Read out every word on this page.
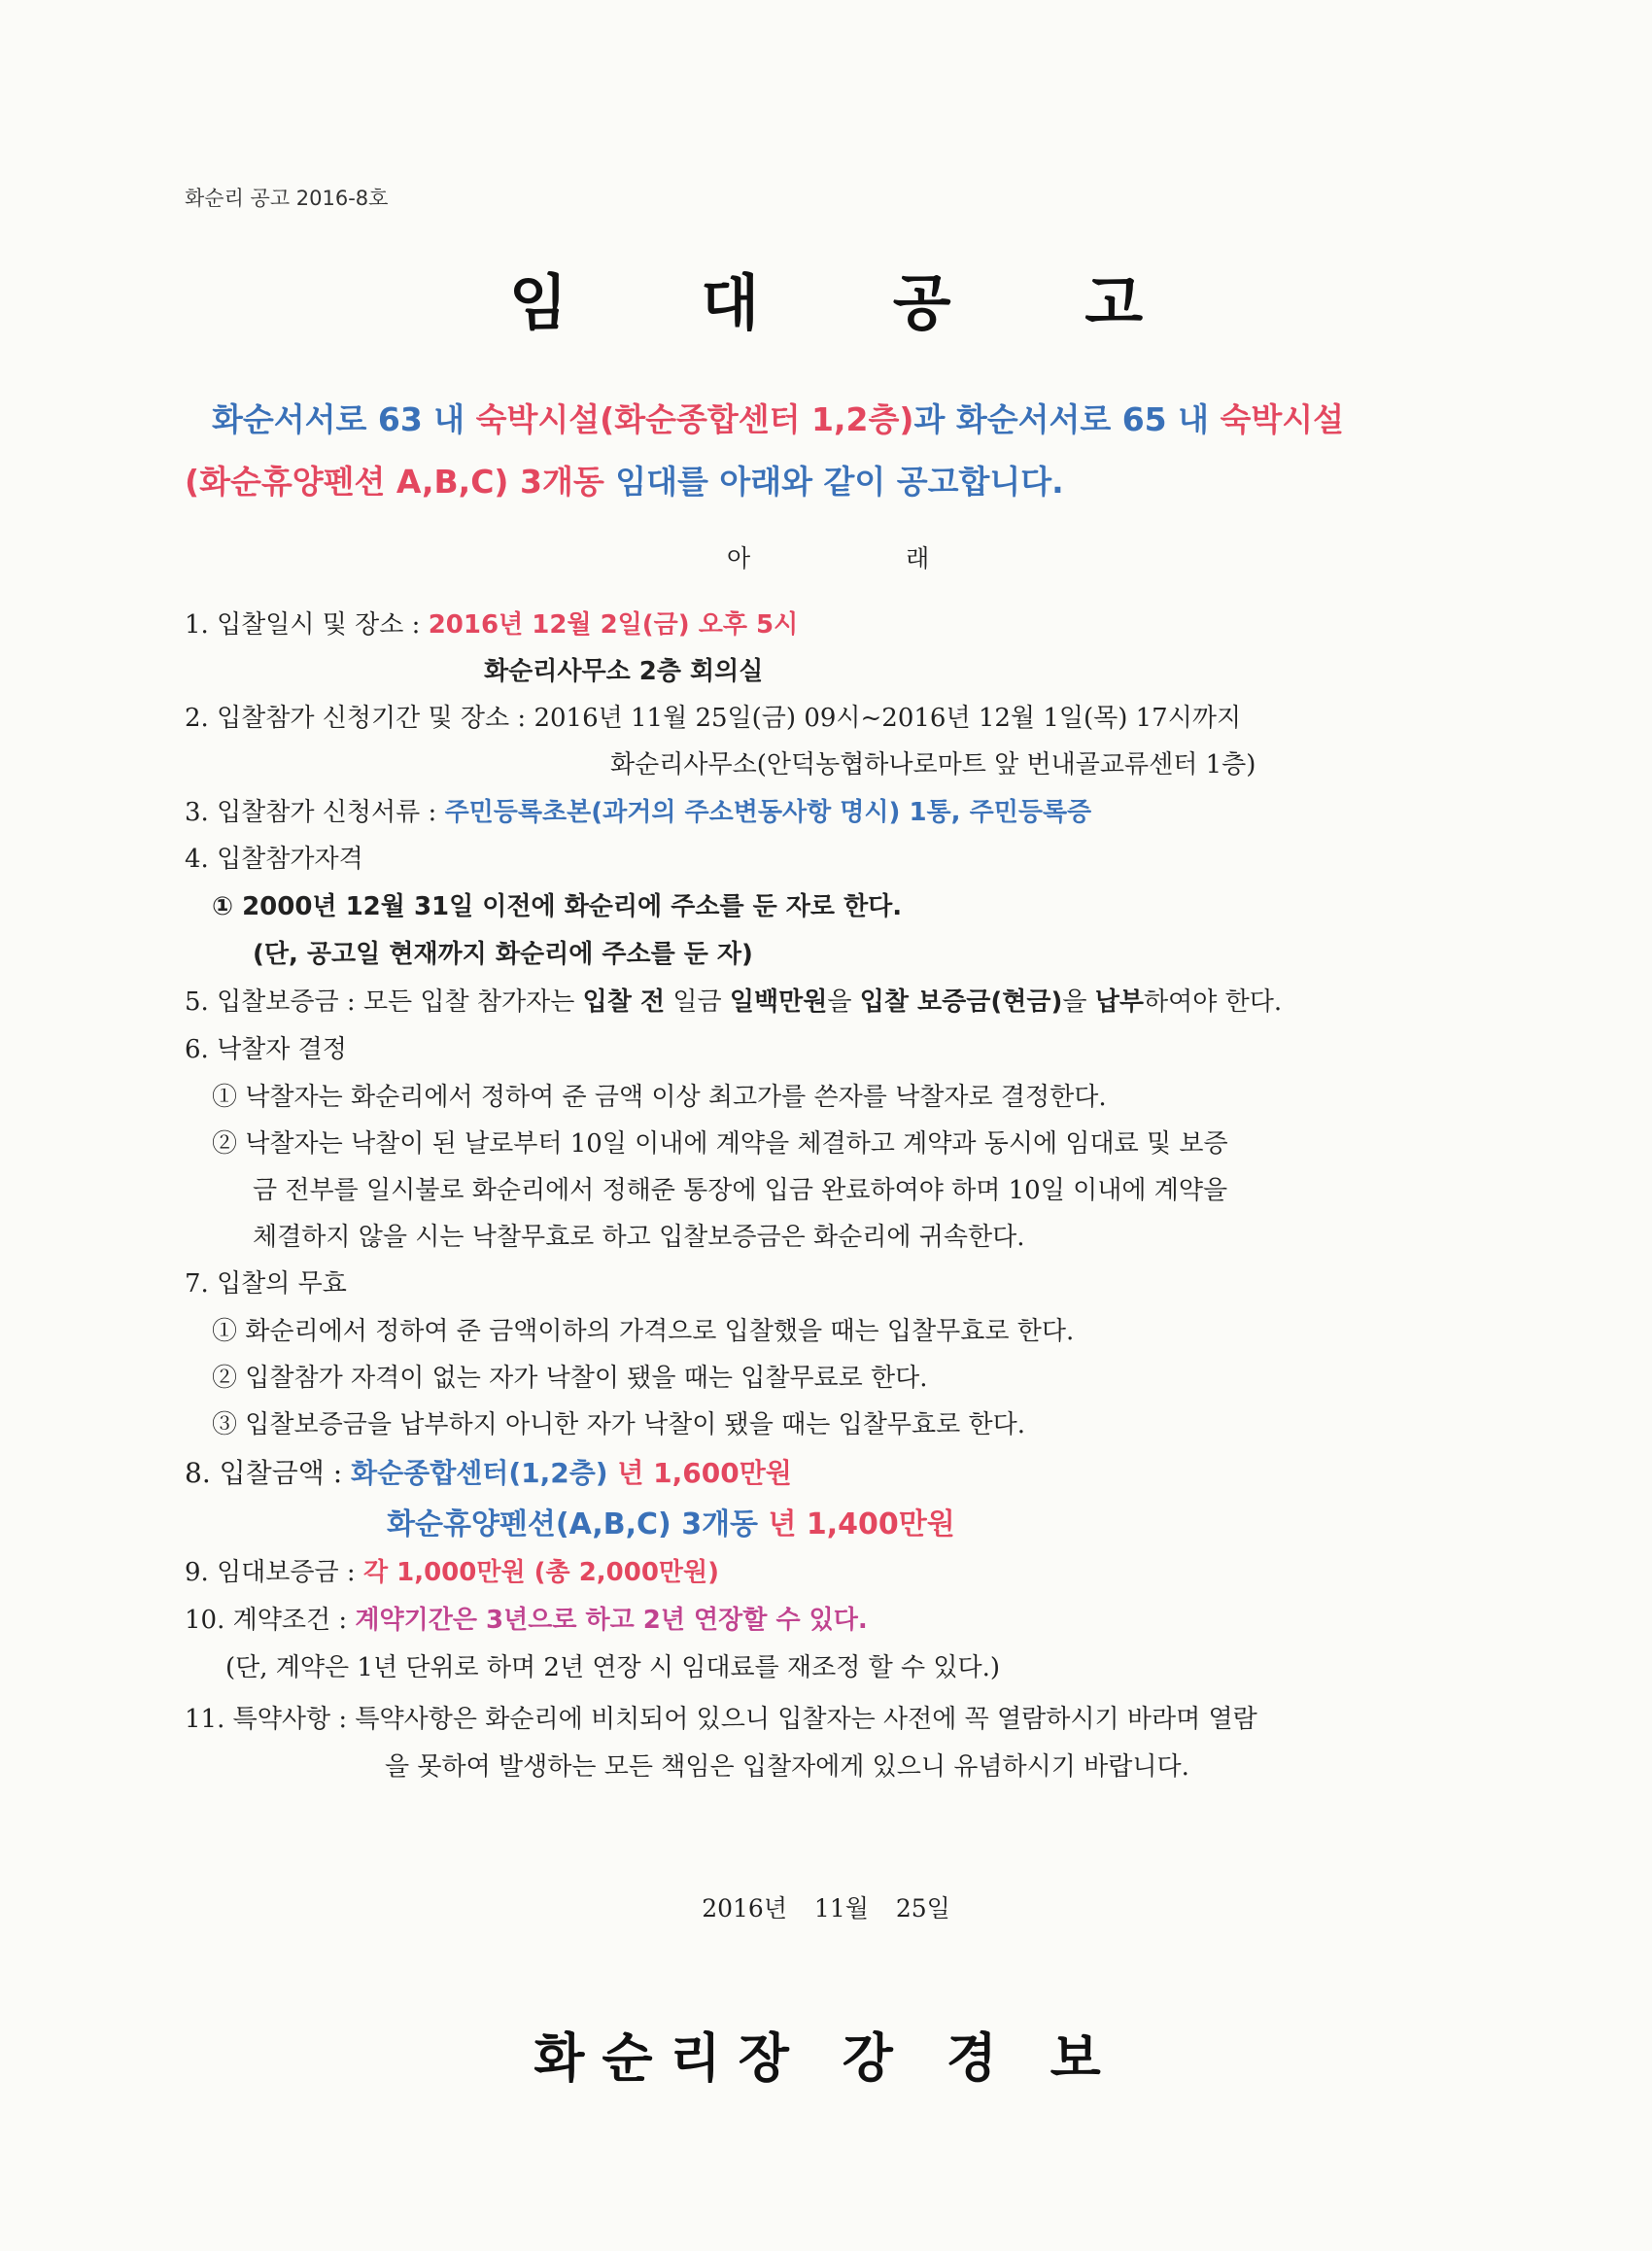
화순리 공고 2016-8호
임 대 공 고
화순서서로 63 내 숙박시설(화순종합센터 1,2층)과 화순서서로 65 내 숙박시설
(화순휴양펜션 A,B,C) 3개동 임대를 아래와 같이 공고합니다.
아	래
1. 입찰일시 및 장소 : 2016년 12월 2일(금) 오후 5시
화순리사무소 2층 회의실
2. 입찰참가 신청기간 및 장소 : 2016년 11월 25일(금) 09시~2016년 12월 1일(목) 17시까지
화순리사무소(안덕농협하나로마트 앞 번내골교류센터 1층)
3. 입찰참가 신청서류 : 주민등록초본(과거의 주소변동사항 명시) 1통, 주민등록증
4. 입찰참가자격
① 2000년 12월 31일 이전에 화순리에 주소를 둔 자로 한다.
(단, 공고일 현재까지 화순리에 주소를 둔 자)
5. 입찰보증금 : 모든 입찰 참가자는 입찰 전 일금 일백만원을 입찰 보증금(현금)을 납부하여야 한다.
6. 낙찰자 결정
① 낙찰자는 화순리에서 정하여 준 금액 이상 최고가를 쓴자를 낙찰자로 결정한다.
② 낙찰자는 낙찰이 된 날로부터 10일 이내에 계약을 체결하고 계약과 동시에 임대료 및 보증
금 전부를 일시불로 화순리에서 정해준 통장에 입금 완료하여야 하며 10일 이내에 계약을
체결하지 않을 시는 낙찰무효로 하고 입찰보증금은 화순리에 귀속한다.
7. 입찰의 무효
① 화순리에서 정하여 준 금액이하의 가격으로 입찰했을 때는 입찰무효로 한다.
② 입찰참가 자격이 없는 자가 낙찰이 됐을 때는 입찰무료로 한다.
③ 입찰보증금을 납부하지 아니한 자가 낙찰이 됐을 때는 입찰무효로 한다.
8. 입찰금액 : 화순종합센터(1,2층) 년 1,600만원
화순휴양펜션(A,B,C) 3개동 년 1,400만원
9. 임대보증금 : 각 1,000만원 (총 2,000만원)
10. 계약조건 : 계약기간은 3년으로 하고 2년 연장할 수 있다.
(단, 계약은 1년 단위로 하며 2년 연장 시 임대료를 재조정 할 수 있다.)
11. 특약사항 : 특약사항은 화순리에 비치되어 있으니 입찰자는 사전에 꼭 열람하시기 바라며 열람
을 못하여 발생하는 모든 책임은 입찰자에게 있으니 유념하시기 바랍니다.
2016년 11월 25일
화순리장 강 경 보
